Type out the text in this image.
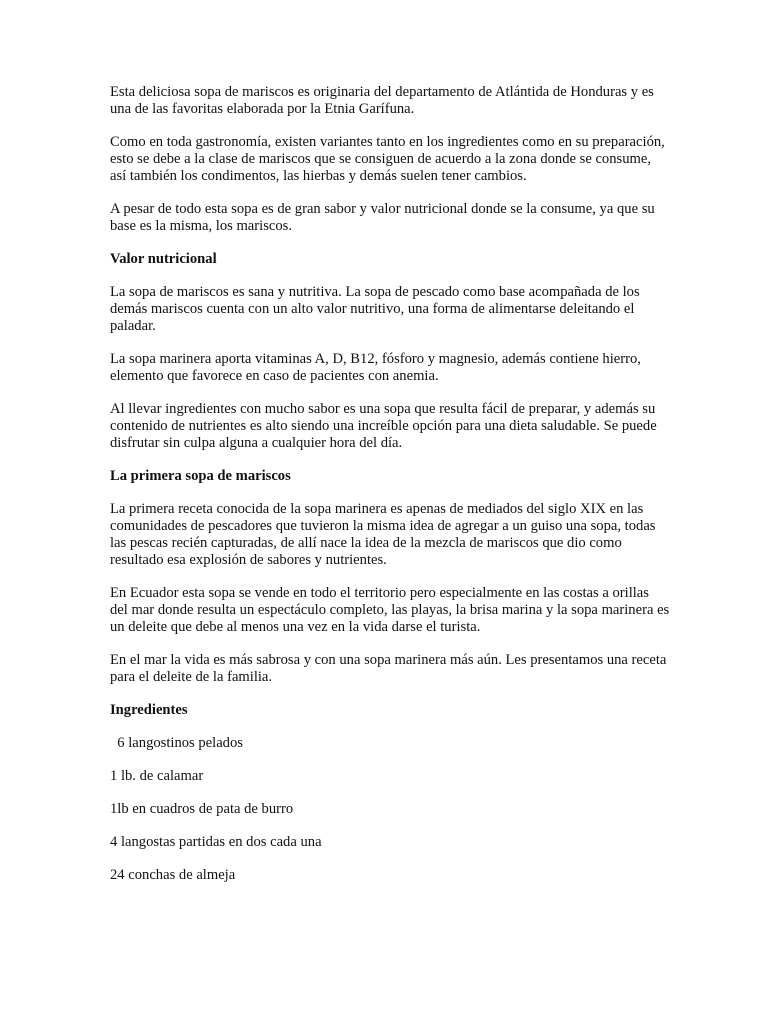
Esta deliciosa sopa de mariscos es originaria del departamento de Atlántida de Honduras y es una de las favoritas elaborada por la Etnia Garífuna.

Como en toda gastronomía, existen variantes tanto en los ingredientes como en su preparación, esto se debe a la clase de mariscos que se consiguen de acuerdo a la zona donde se consume, así también los condimentos, las hierbas y demás suelen tener cambios.

A pesar de todo esta sopa es de gran sabor y valor nutricional donde se la consume, ya que su base es la misma, los mariscos.

Valor nutricional

La sopa de mariscos es sana y nutritiva. La sopa de pescado como base acompañada de los demás mariscos cuenta con un alto valor nutritivo, una forma de alimentarse deleitando el paladar.

La sopa marinera aporta vitaminas A, D, B12, fósforo y magnesio, además contiene hierro, elemento que favorece en caso de pacientes con anemia.

Al llevar ingredientes con mucho sabor es una sopa que resulta fácil de preparar, y además su contenido de nutrientes es alto siendo una increíble opción para una dieta saludable. Se puede disfrutar sin culpa alguna a cualquier hora del día.

La primera sopa de mariscos

La primera receta conocida de la sopa marinera es apenas de mediados del siglo XIX en las comunidades de pescadores que tuvieron la misma idea de agregar a un guiso una sopa, todas las pescas recién capturadas, de allí nace la idea de la mezcla de mariscos que dio como resultado esa explosión de sabores y nutrientes.

En Ecuador esta sopa se vende en todo el territorio pero especialmente en las costas a orillas del mar donde resulta un espectáculo completo, las playas, la brisa marina y la sopa marinera es un deleite que debe al menos una vez en la vida darse el turista.

En el mar la vida es más sabrosa y con una sopa marinera más aún. Les presentamos una receta para el deleite de la familia.

Ingredientes

6 langostinos pelados
1 lb. de calamar
1lb en cuadros de pata de burro
4 langostas partidas en dos cada una
24 conchas de almeja
